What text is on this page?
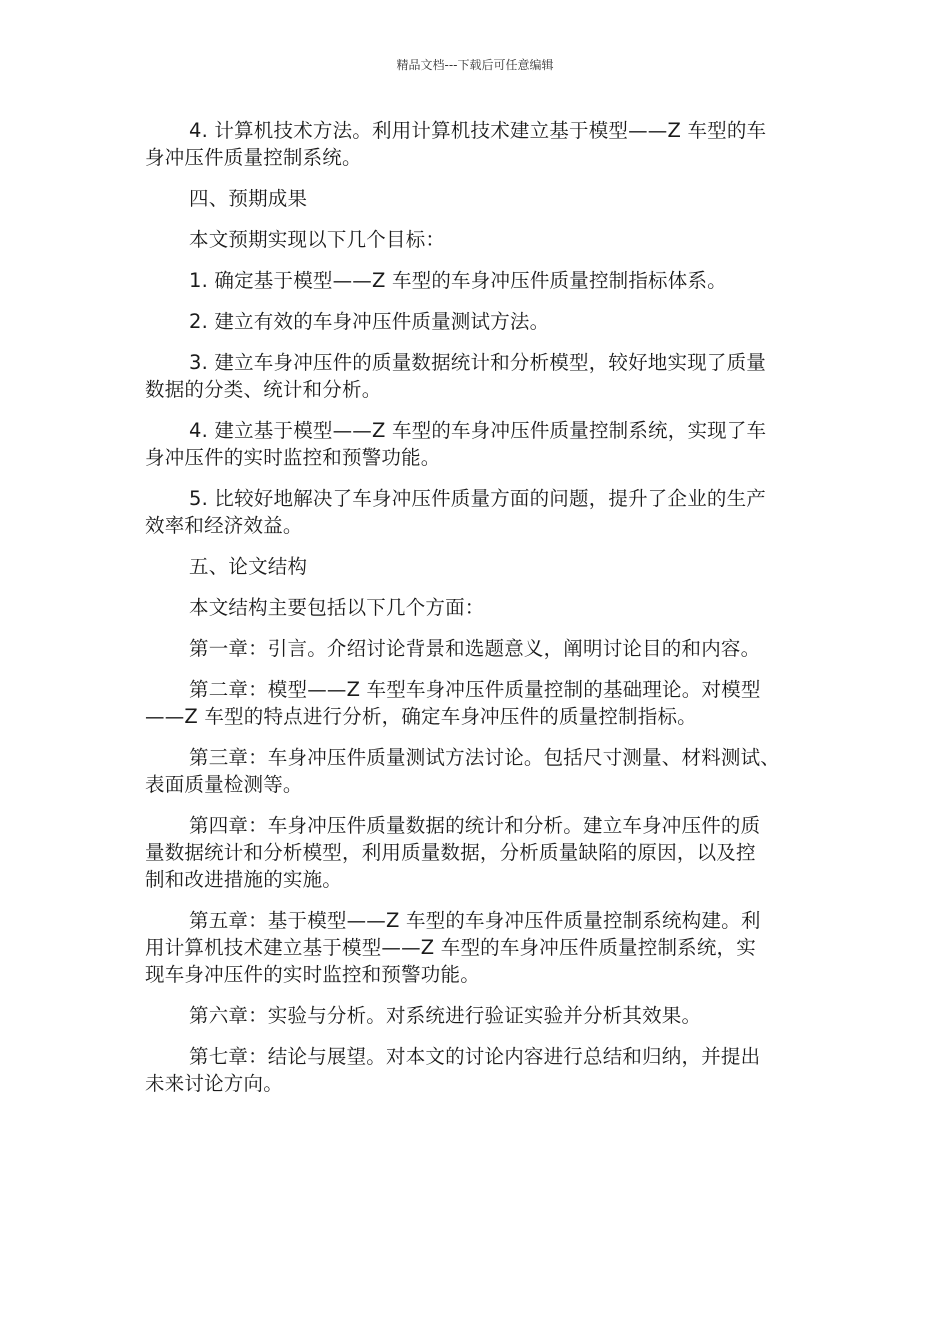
精品文档---下载后可任意编辑

4. 计算机技术方法。利用计算机技术建立基于模型——Z 车型的车
身冲压件质量控制系统。

四、预期成果

本文预期实现以下几个目标：

1. 确定基于模型——Z 车型的车身冲压件质量控制指标体系。

2. 建立有效的车身冲压件质量测试方法。

3. 建立车身冲压件的质量数据统计和分析模型，较好地实现了质量
数据的分类、统计和分析。

4. 建立基于模型——Z 车型的车身冲压件质量控制系统，实现了车
身冲压件的实时监控和预警功能。

5. 比较好地解决了车身冲压件质量方面的问题，提升了企业的生产
效率和经济效益。

五、论文结构

本文结构主要包括以下几个方面：

第一章：引言。介绍讨论背景和选题意义，阐明讨论目的和内容。

第二章：模型——Z 车型车身冲压件质量控制的基础理论。对模型
——Z 车型的特点进行分析，确定车身冲压件的质量控制指标。

第三章：车身冲压件质量测试方法讨论。包括尺寸测量、材料测试、
表面质量检测等。

第四章：车身冲压件质量数据的统计和分析。建立车身冲压件的质
量数据统计和分析模型，利用质量数据，分析质量缺陷的原因，以及控
制和改进措施的实施。

第五章：基于模型——Z 车型的车身冲压件质量控制系统构建。利
用计算机技术建立基于模型——Z 车型的车身冲压件质量控制系统，实
现车身冲压件的实时监控和预警功能。

第六章：实验与分析。对系统进行验证实验并分析其效果。

第七章：结论与展望。对本文的讨论内容进行总结和归纳，并提出
未来讨论方向。
